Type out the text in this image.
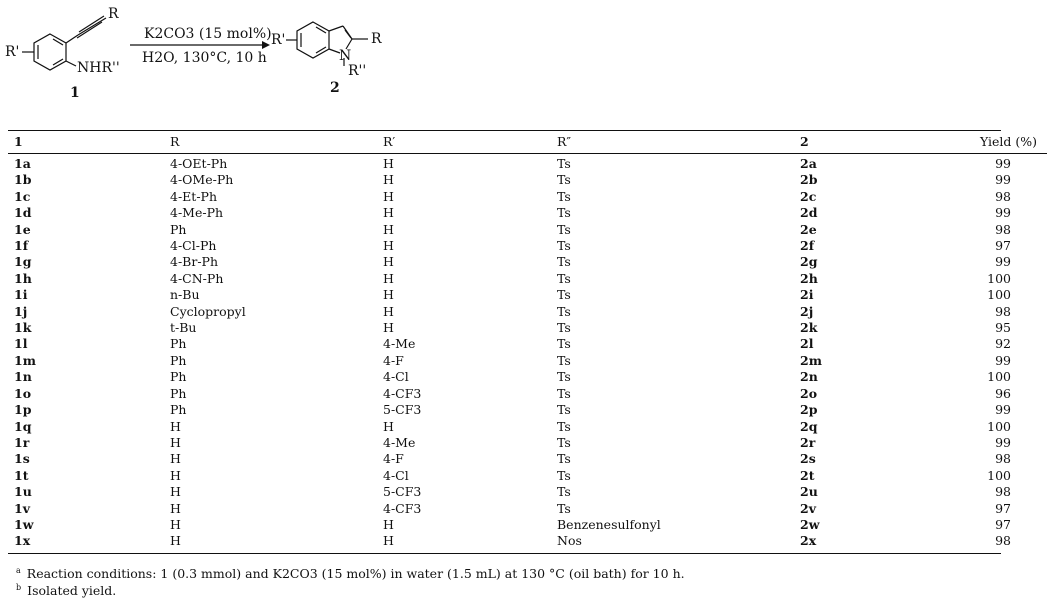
R
R'
NHR''
1
K2CO3 (15 mol%)
H2O, 130°C, 10 h
R'	R
N
R''
2
1	R	R′	R″	2	Yield (%)

1a	4-OEt-Ph	H	Ts	2a	99
1b	4-OMe-Ph	H	Ts	2b	99
1c	4-Et-Ph	H	Ts	2c	98
1d	4-Me-Ph	H	Ts	2d	99
1e	Ph	H	Ts	2e	98
1f	4-Cl-Ph	H	Ts	2f	97
1g	4-Br-Ph	H	Ts	2g	99
1h	4-CN-Ph	H	Ts	2h	100
1i	n-Bu	H	Ts	2i	100
1j	Cyclopropyl	H	Ts	2j	98
1k	t-Bu	H	Ts	2k	95
1l	Ph	4-Me	Ts	2l	92
1m	Ph	4-F	Ts	2m	99
1n	Ph	4-Cl	Ts	2n	100
1o	Ph	4-CF3	Ts	2o	96
1p	Ph	5-CF3	Ts	2p	99
1q	H	H	Ts	2q	100
1r	H	4-Me	Ts	2r	99
1s	H	4-F	Ts	2s	98
1t	H	4-Cl	Ts	2t	100
1u	H	5-CF3	Ts	2u	98
1v	H	4-CF3	Ts	2v	97
1w	H	H	Benzenesulfonyl	2w	97
1x	H	H	Nos	2x	98
$^a$ Reaction conditions: 1 (0.3 mmol) and K2CO3 (15 mol%) in water (1.5 mL) at 130 °C (oil bath) for 10 h.
$^b$ Isolated yield.
